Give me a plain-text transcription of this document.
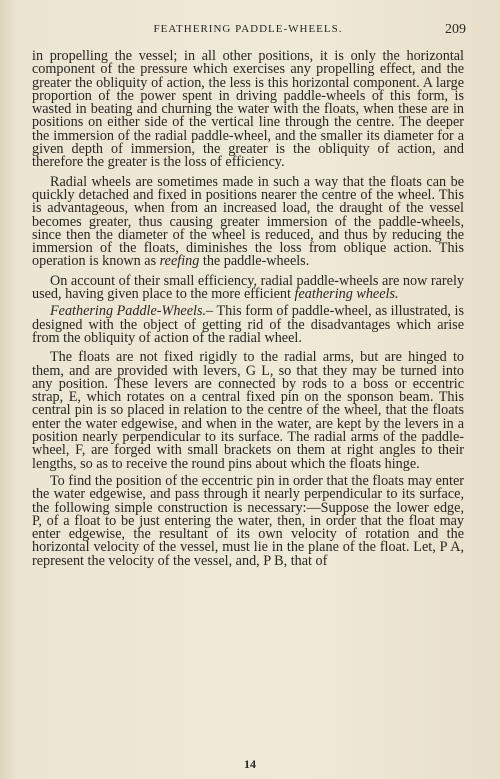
FEATHERING PADDLE-WHEELS.	209

in propelling the vessel; in all other positions, it is only the horizontal component of the pressure which exercises any propelling effect, and the greater the obliquity of action, the less is this horizontal component. A large proportion of the power spent in driving paddle-wheels of this form, is wasted in beating and churning the water with the floats, when these are in positions on either side of the vertical line through the centre. The deeper the immersion of the radial paddle-wheel, and the smaller its diameter for a given depth of immersion, the greater is the obliquity of action, and therefore the greater is the loss of efficiency.

Radial wheels are sometimes made in such a way that the floats can be quickly detached and fixed in positions nearer the centre of the wheel. This is advantageous, when from an increased load, the draught of the vessel becomes greater, thus causing greater immersion of the paddle-wheels, since then the diameter of the wheel is reduced, and thus by reducing the immersion of the floats, diminishes the loss from oblique action. This operation is known as reefing the paddle-wheels.

On account of their small efficiency, radial paddle-wheels are now rarely used, having given place to the more efficient feathering wheels.

Feathering Paddle-Wheels.– This form of paddle-wheel, as illustrated, is designed with the object of getting rid of the disadvantages which arise from the obliquity of action of the radial wheel.

The floats are not fixed rigidly to the radial arms, but are hinged to them, and are provided with levers, G L, so that they may be turned into any position. These levers are connected by rods to a boss or eccentric strap, E, which rotates on a central fixed pin on the sponson beam. This central pin is so placed in relation to the centre of the wheel, that the floats enter the water edgewise, and when in the water, are kept by the levers in a position nearly perpendicular to its surface. The radial arms of the paddle-wheel, F, are forged with small brackets on them at right angles to their lengths, so as to receive the round pins about which the floats hinge.

To find the position of the eccentric pin in order that the floats may enter the water edgewise, and pass through it nearly perpendicular to its surface, the following simple construction is necessary:—Suppose the lower edge, P, of a float to be just entering the water, then, in order that the float may enter edgewise, the resultant of its own velocity of rotation and the horizontal velocity of the vessel, must lie in the plane of the float. Let, P A, represent the velocity of the vessel, and, P B, that of

14
